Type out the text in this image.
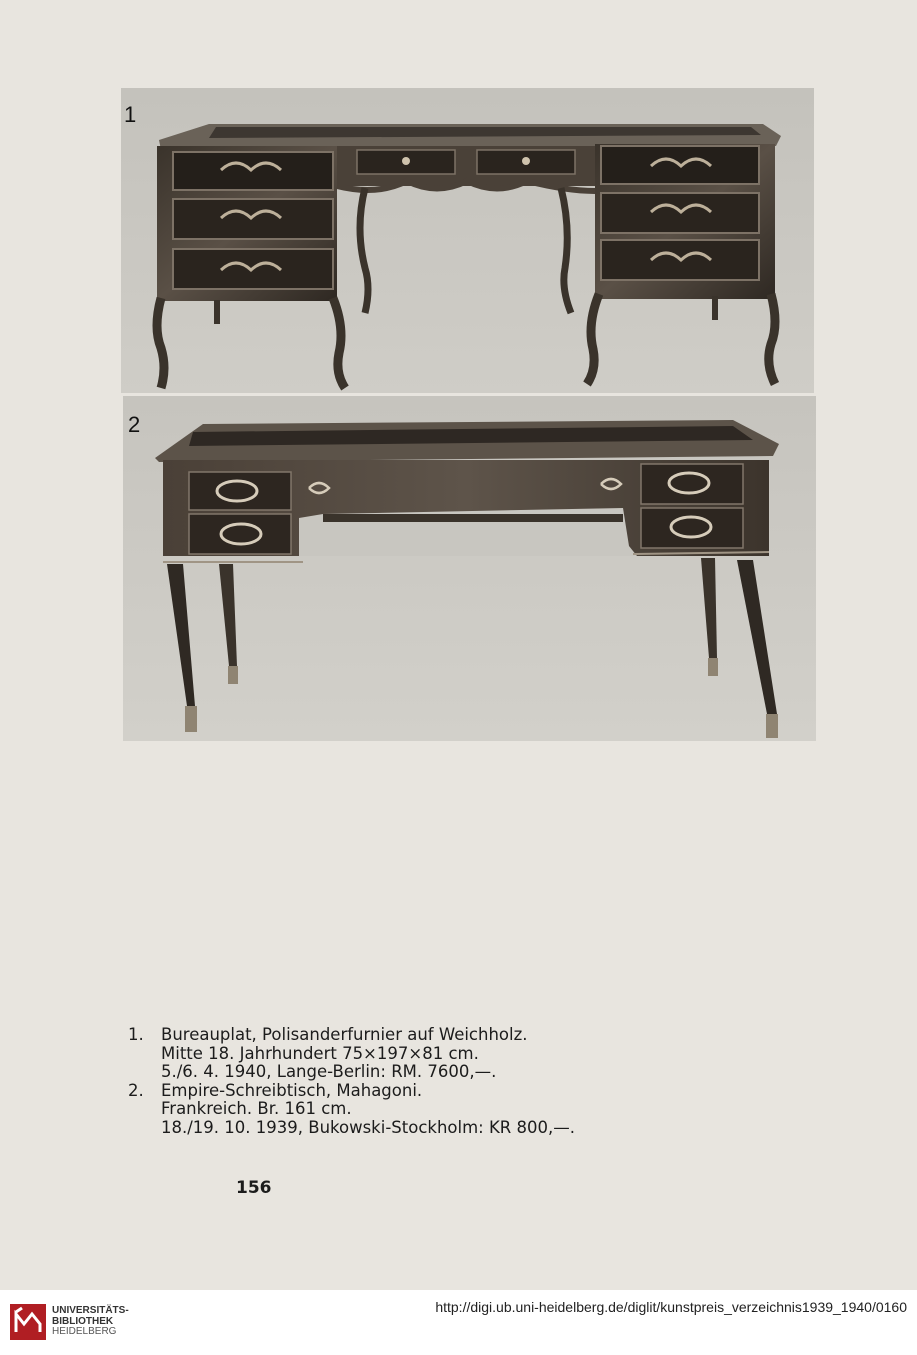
1
2
1. Bureauplat, Polisanderfurnier auf Weichholz.
Mitte 18. Jahrhundert 75×197×81 cm.
5./6. 4. 1940, Lange-Berlin: RM. 7600,—.
2. Empire-Schreibtisch, Mahagoni.
Frankreich. Br. 161 cm.
18./19. 10. 1939, Bukowski-Stockholm: KR 800,—.
156
UNIVERSITÄTS-
BIBLIOTHEK
HEIDELBERG
http://digi.ub.uni-heidelberg.de/diglit/kunstpreis_verzeichnis1939_1940/0160
